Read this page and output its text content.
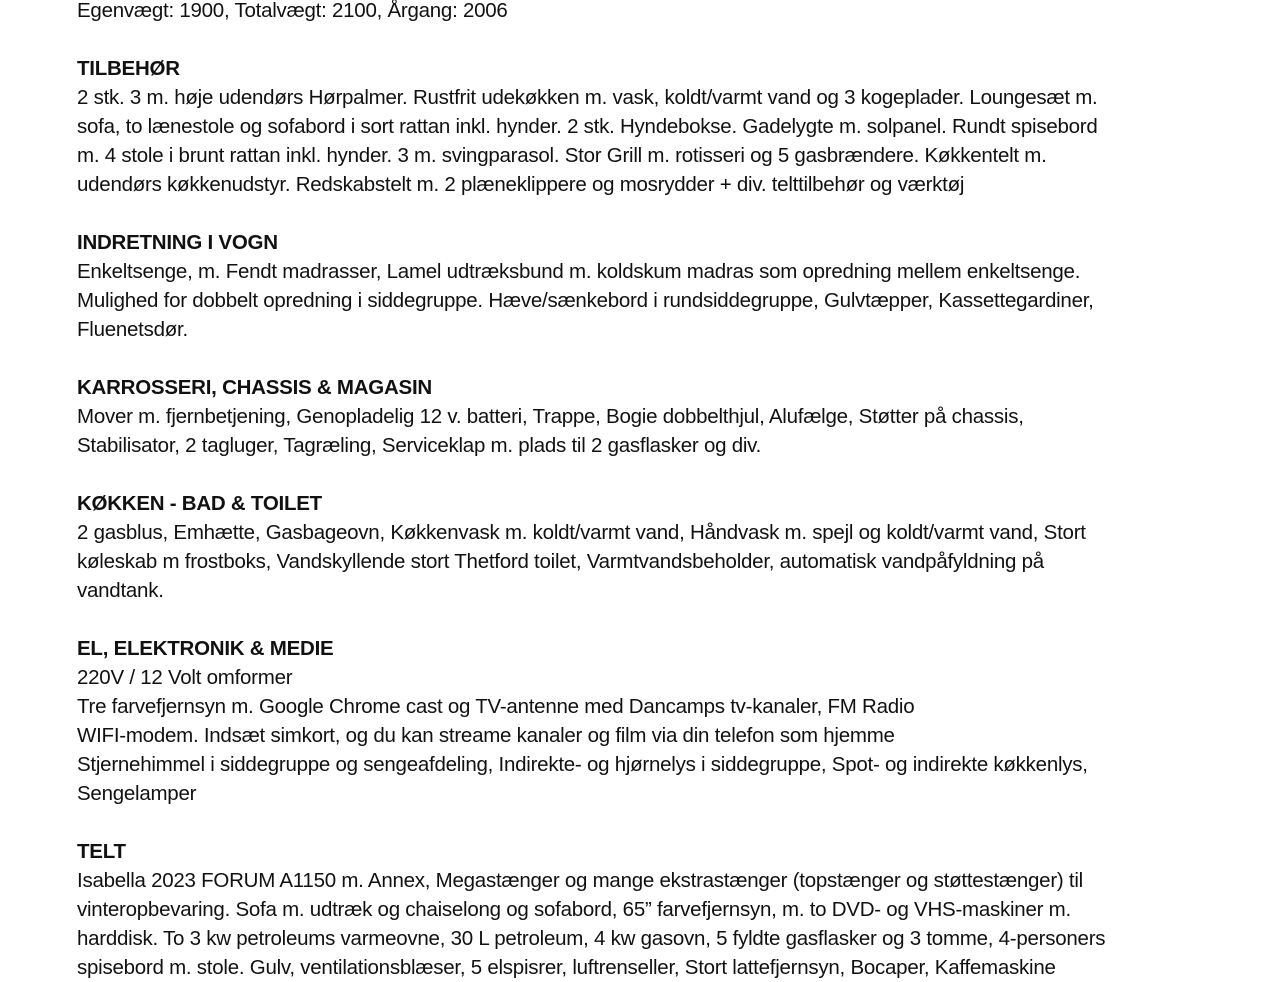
Egenvægt: 1900, Totalvægt: 2100, Årgang: 2006
TILBEHØR
2 stk. 3 m. høje udendørs Hørpalmer. Rustfrit udekøkken m. vask, koldt/varmt vand og 3 kogeplader. Loungesæt m.
sofa, to lænestole og sofabord i sort rattan inkl. hynder. 2 stk. Hyndebokse. Gadelygte m. solpanel. Rundt spisebord
m. 4 stole i brunt rattan inkl. hynder. 3 m. svingparasol. Stor Grill m. rotisseri og 5 gasbrændere. Køkkentelt m.
udendørs køkkenudstyr. Redskabstelt m. 2 plæneklippere og mosrydder + div. telttilbehør og værktøj
INDRETNING I VOGN
Enkeltsenge, m. Fendt madrasser, Lamel udtræksbund m. koldskum madras som opredning mellem enkeltsenge.
Mulighed for dobbelt opredning i siddegruppe. Hæve/sænkebord i rundsiddegruppe, Gulvtæpper, Kassettegardiner,
Fluenetsdør.
KARROSSERI, CHASSIS & MAGASIN
Mover m. fjernbetjening, Genopladelig 12 v. batteri, Trappe, Bogie dobbelthjul, Alufælge, Støtter på chassis,
Stabilisator, 2 tagluger, Tagræling, Serviceklap m. plads til 2 gasflasker og div.
KØKKEN - BAD & TOILET
2 gasblus, Emhætte, Gasbageovn, Køkkenvask m. koldt/varmt vand, Håndvask m. spejl og koldt/varmt vand, Stort
køleskab m frostboks, Vandskyllende stort Thetford toilet, Varmtvandsbeholder, automatisk vandpåfyldning på
vandtank.
EL, ELEKTRONIK & MEDIE
220V / 12 Volt omformer
Tre farvefjernsyn m. Google Chrome cast og TV-antenne med Dancamps tv-kanaler, FM Radio
WIFI-modem. Indsæt simkort, og du kan streame kanaler og film via din telefon som hjemme
Stjernehimmel i siddegruppe og sengeafdeling, Indirekte- og hjørnelys i siddegruppe, Spot- og indirekte køkkenlys,
Sengelamper
TELT
Isabella 2023 FORUM A1150 m. Annex, Megastænger og mange ekstrastænger (topstænger og støttestænger) til
vinteropbevaring. Sofa m. udtræk og chaiselong og sofabord, 65” farvefjernsyn, m. to DVD- og VHS-maskiner m.
harddisk. To 3 kw petroleums varmeovne, 30 L petroleum, 4 kw gasovn, 5 fyldte gasflasker og 3 tomme, 4-personers
spisebord m. stole. Gulv, ventilationsblæser, 5 elspisrer, luftrenseller, Stort lattefjernsyn, Bocaper, Kaffemaskine
